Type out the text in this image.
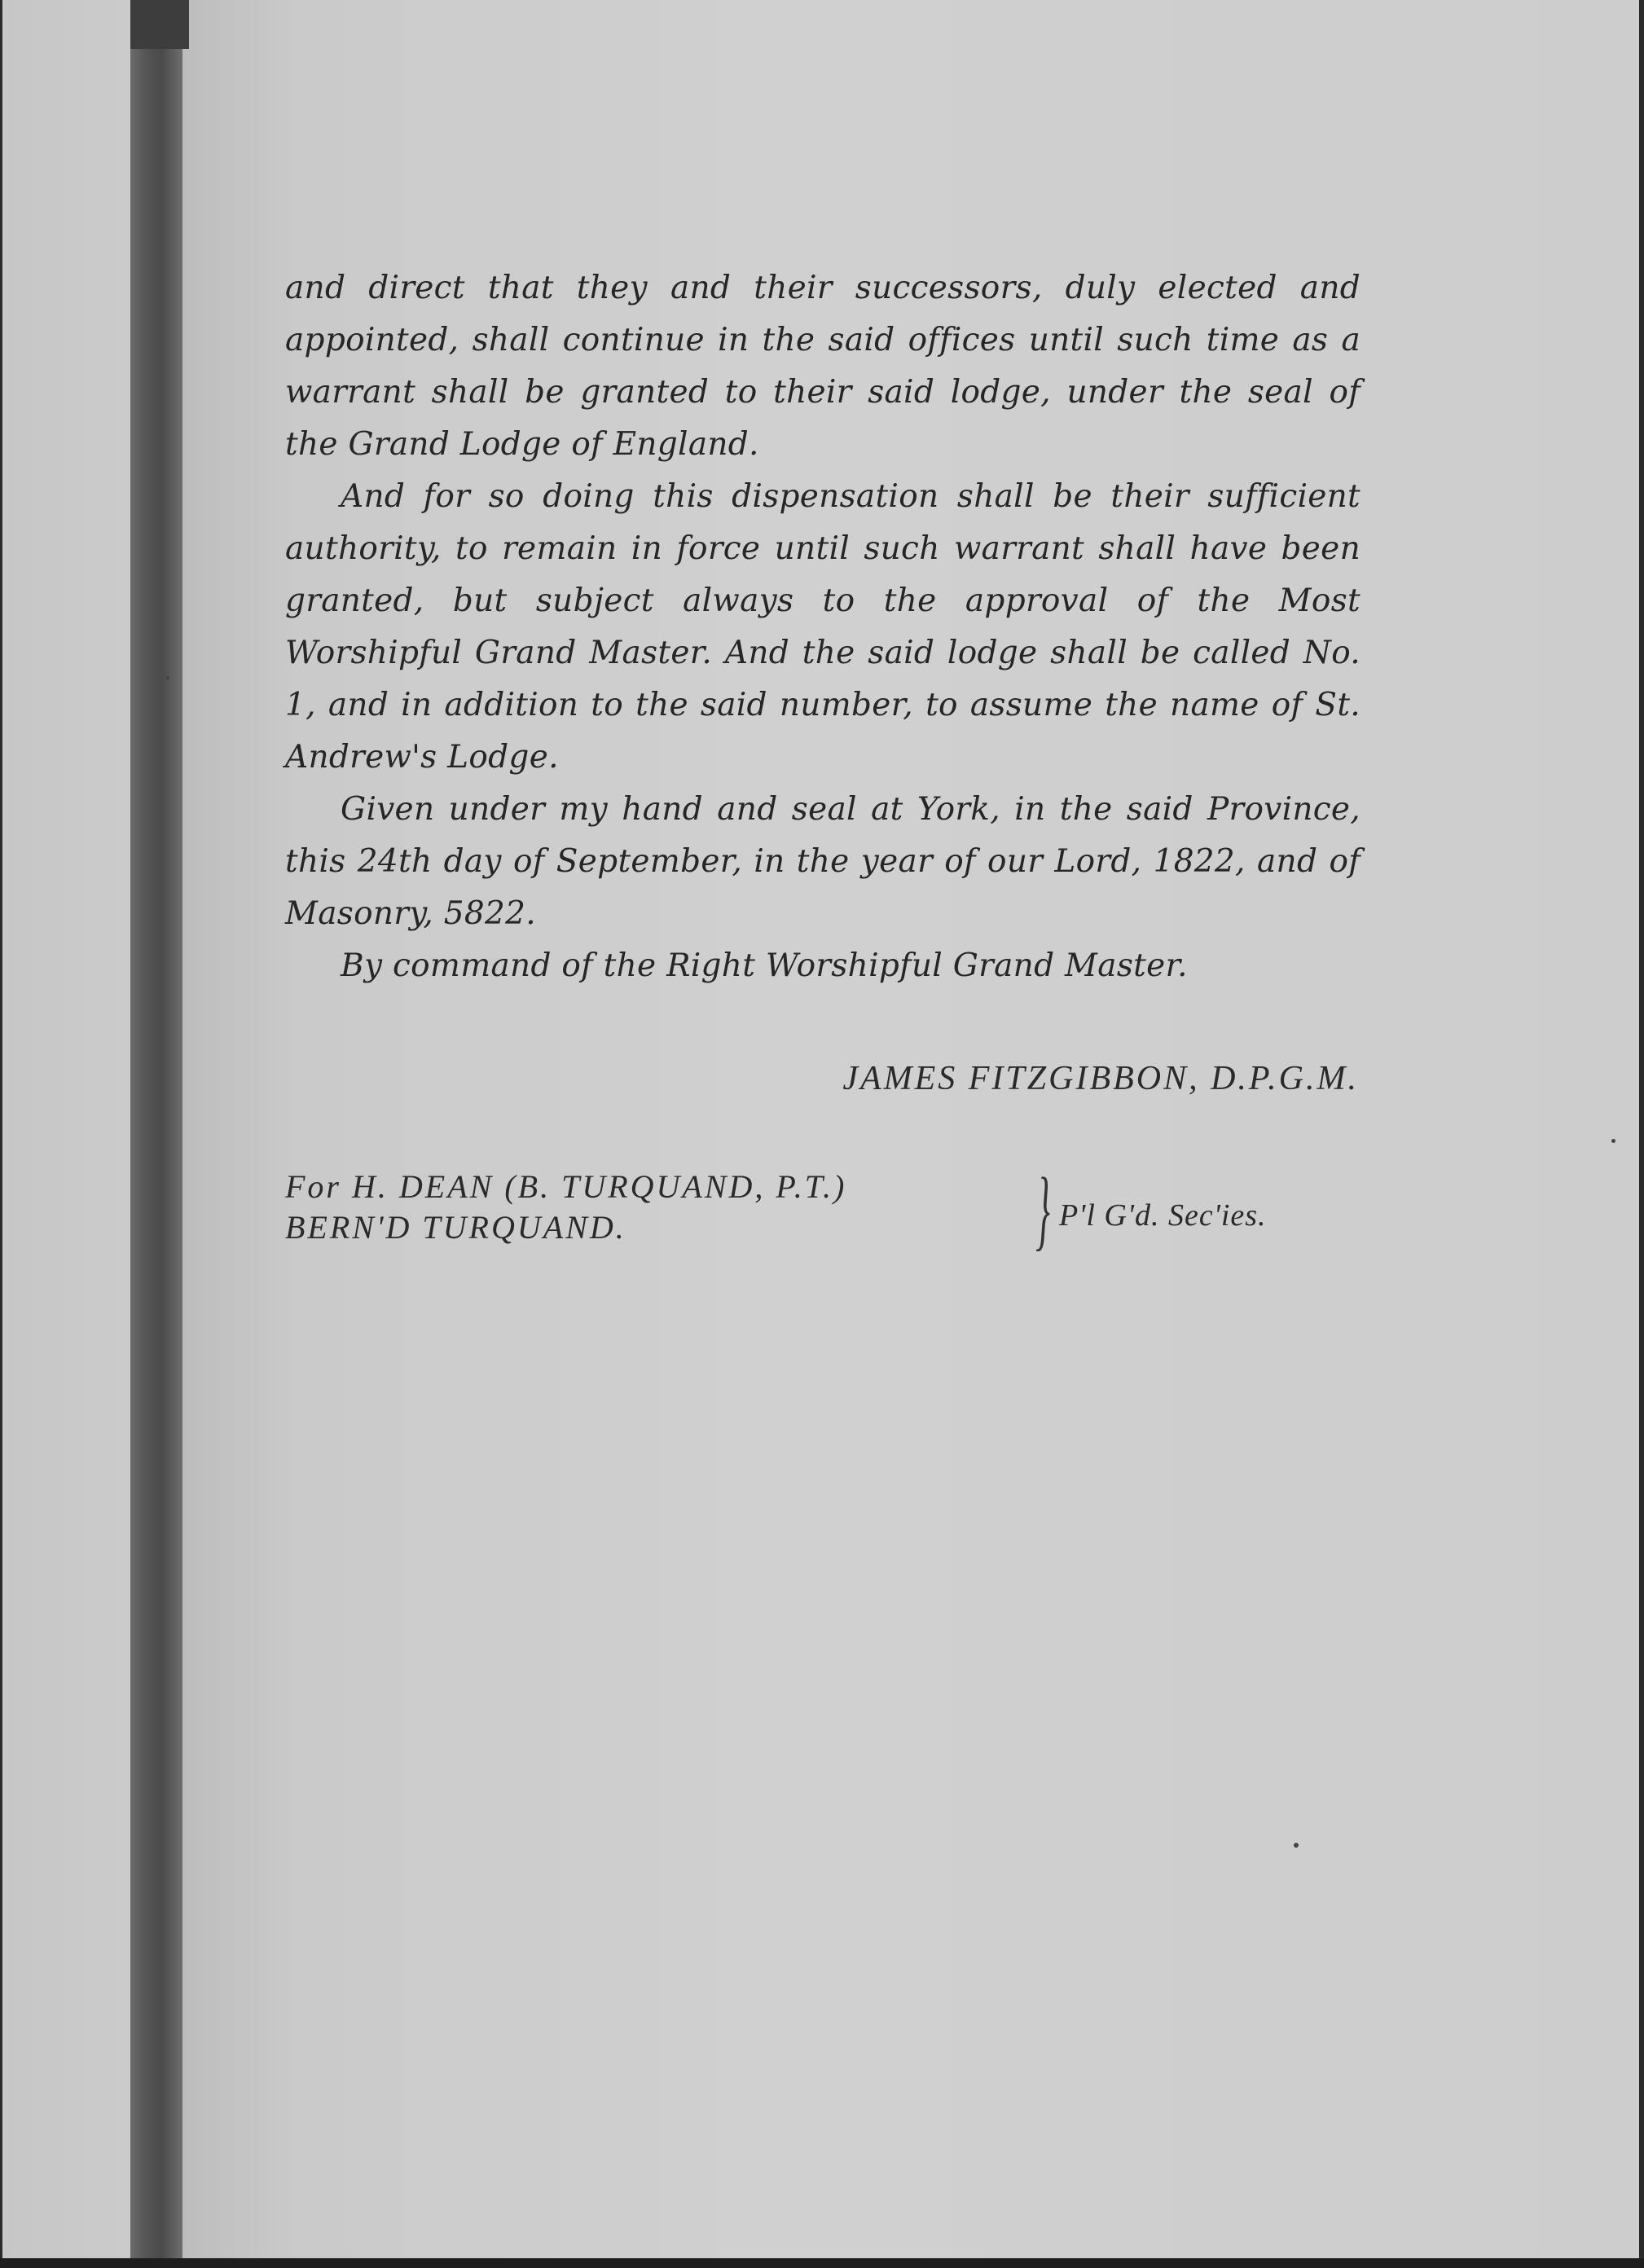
and direct that they and their successors, duly elected and appointed, shall continue in the said offices until such time as a warrant shall be granted to their said lodge, under the seal of the Grand Lodge of England.

And for so doing this dispensation shall be their sufficient authority, to remain in force until such warrant shall have been granted, but subject always to the approval of the Most Worshipful Grand Master. And the said lodge shall be called No. 1, and in addition to the said number, to assume the name of St. Andrew's Lodge.

Given under my hand and seal at York, in the said Province, this 24th day of September, in the year of our Lord, 1822, and of Masonry, 5822.

By command of the Right Worshipful Grand Master.

JAMES FITZGIBBON, D.P.G.M.
For H. DEAN (B. TURQUAND, P.T.)
BERN'D TURQUAND.	} P'l G'd. Sec'ies.
